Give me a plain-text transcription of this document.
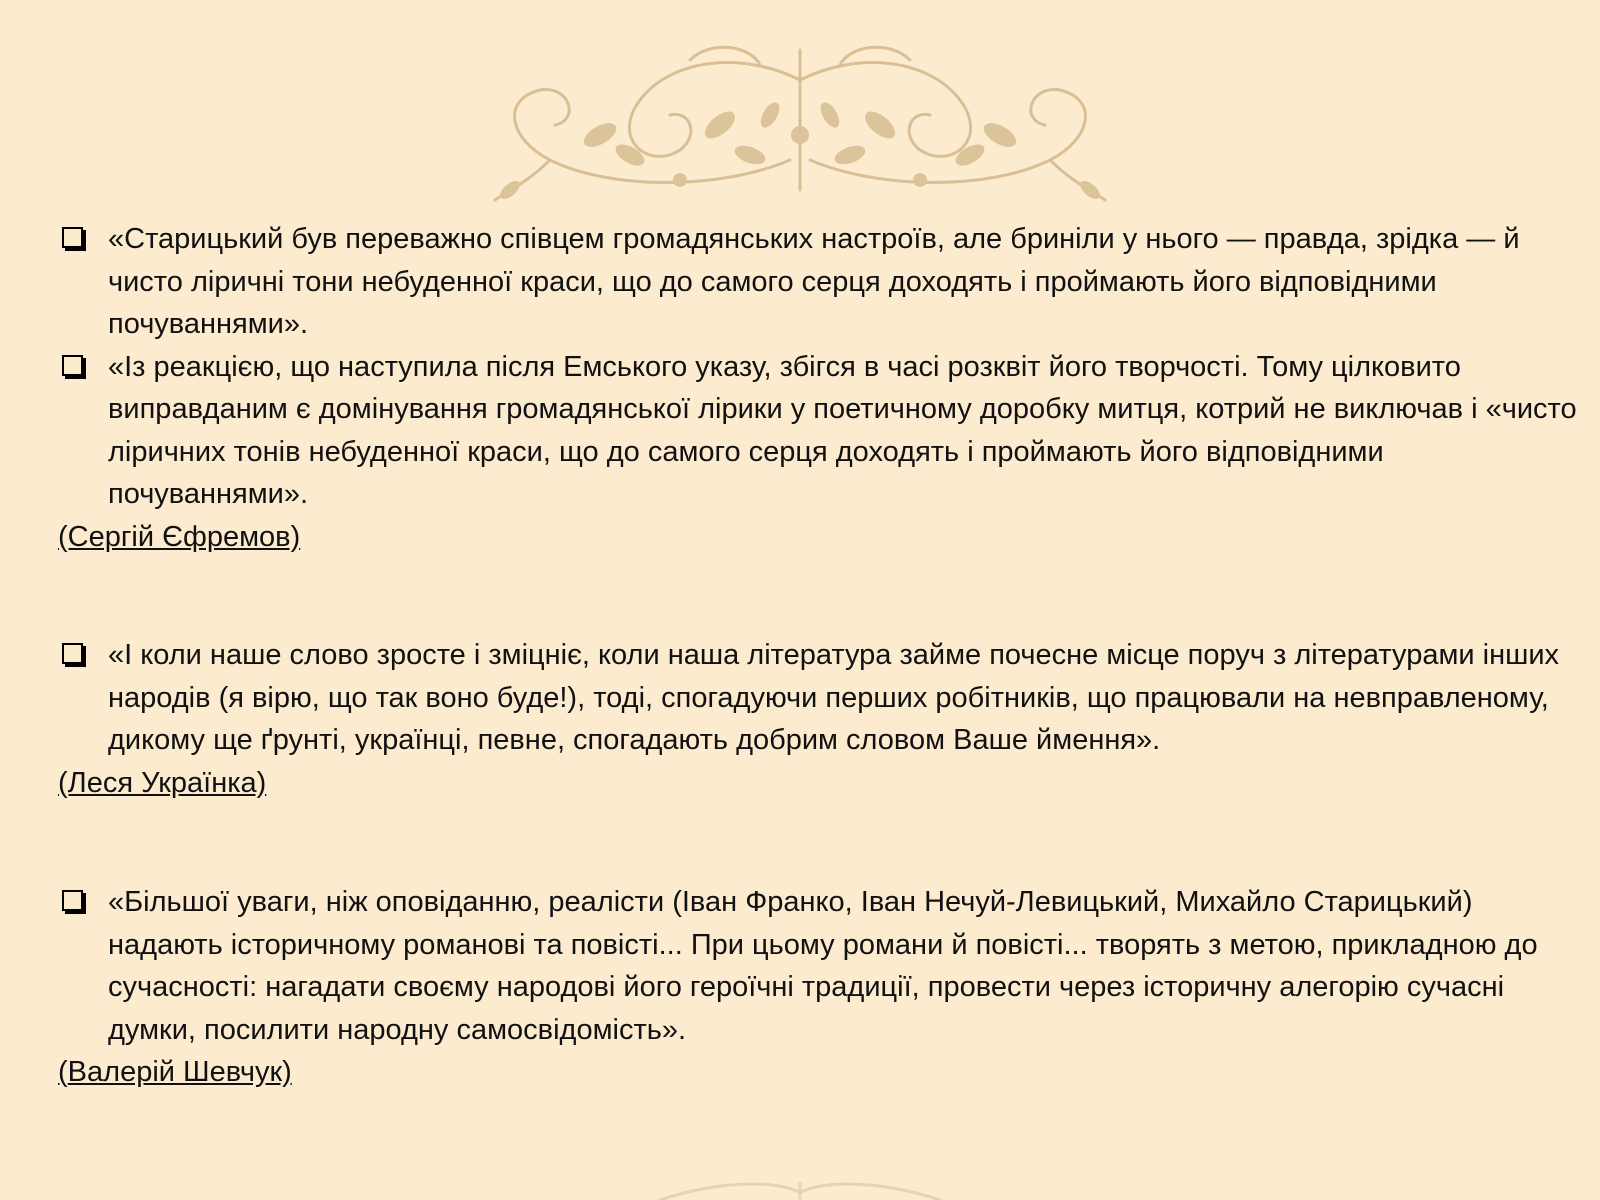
«Старицький був переважно співцем громадянських настроїв, але бриніли у нього — правда, зрідка — й чисто ліричні тони небуденної краси, що до самого серця доходять і проймають його відповідними почуваннями».

«Із реакцією, що наступила після Емського указу, збігся в часі розквіт його творчості. Тому цілковито виправданим є домінування громадянської лірики у поетичному доробку митця, котрий не виключав і «чисто ліричних тонів небуденної краси, що до самого серця доходять і проймають його відповідними почуваннями».

(Сергій Єфремов)

«І коли наше слово зросте і зміцніє, коли наша література займе почесне місце поруч з літературами інших народів (я вірю, що так воно буде!), тоді, спогадуючи перших робітників, що працювали на невправленому, дикому ще ґрунті, українці, певне, спогадають добрим словом Ваше ймення».

(Леся Українка)

«Більшої уваги, ніж оповіданню, реалісти (Іван Франко, Іван Нечуй-Левицький, Михайло Старицький) надають історичному романові та повісті... При цьому романи й повісті... творять з метою, прикладною до сучасності: нагадати своєму народові його героїчні традиції, провести через історичну алегорію сучасні думки, посилити народну самосвідомість».

(Валерій Шевчук)
